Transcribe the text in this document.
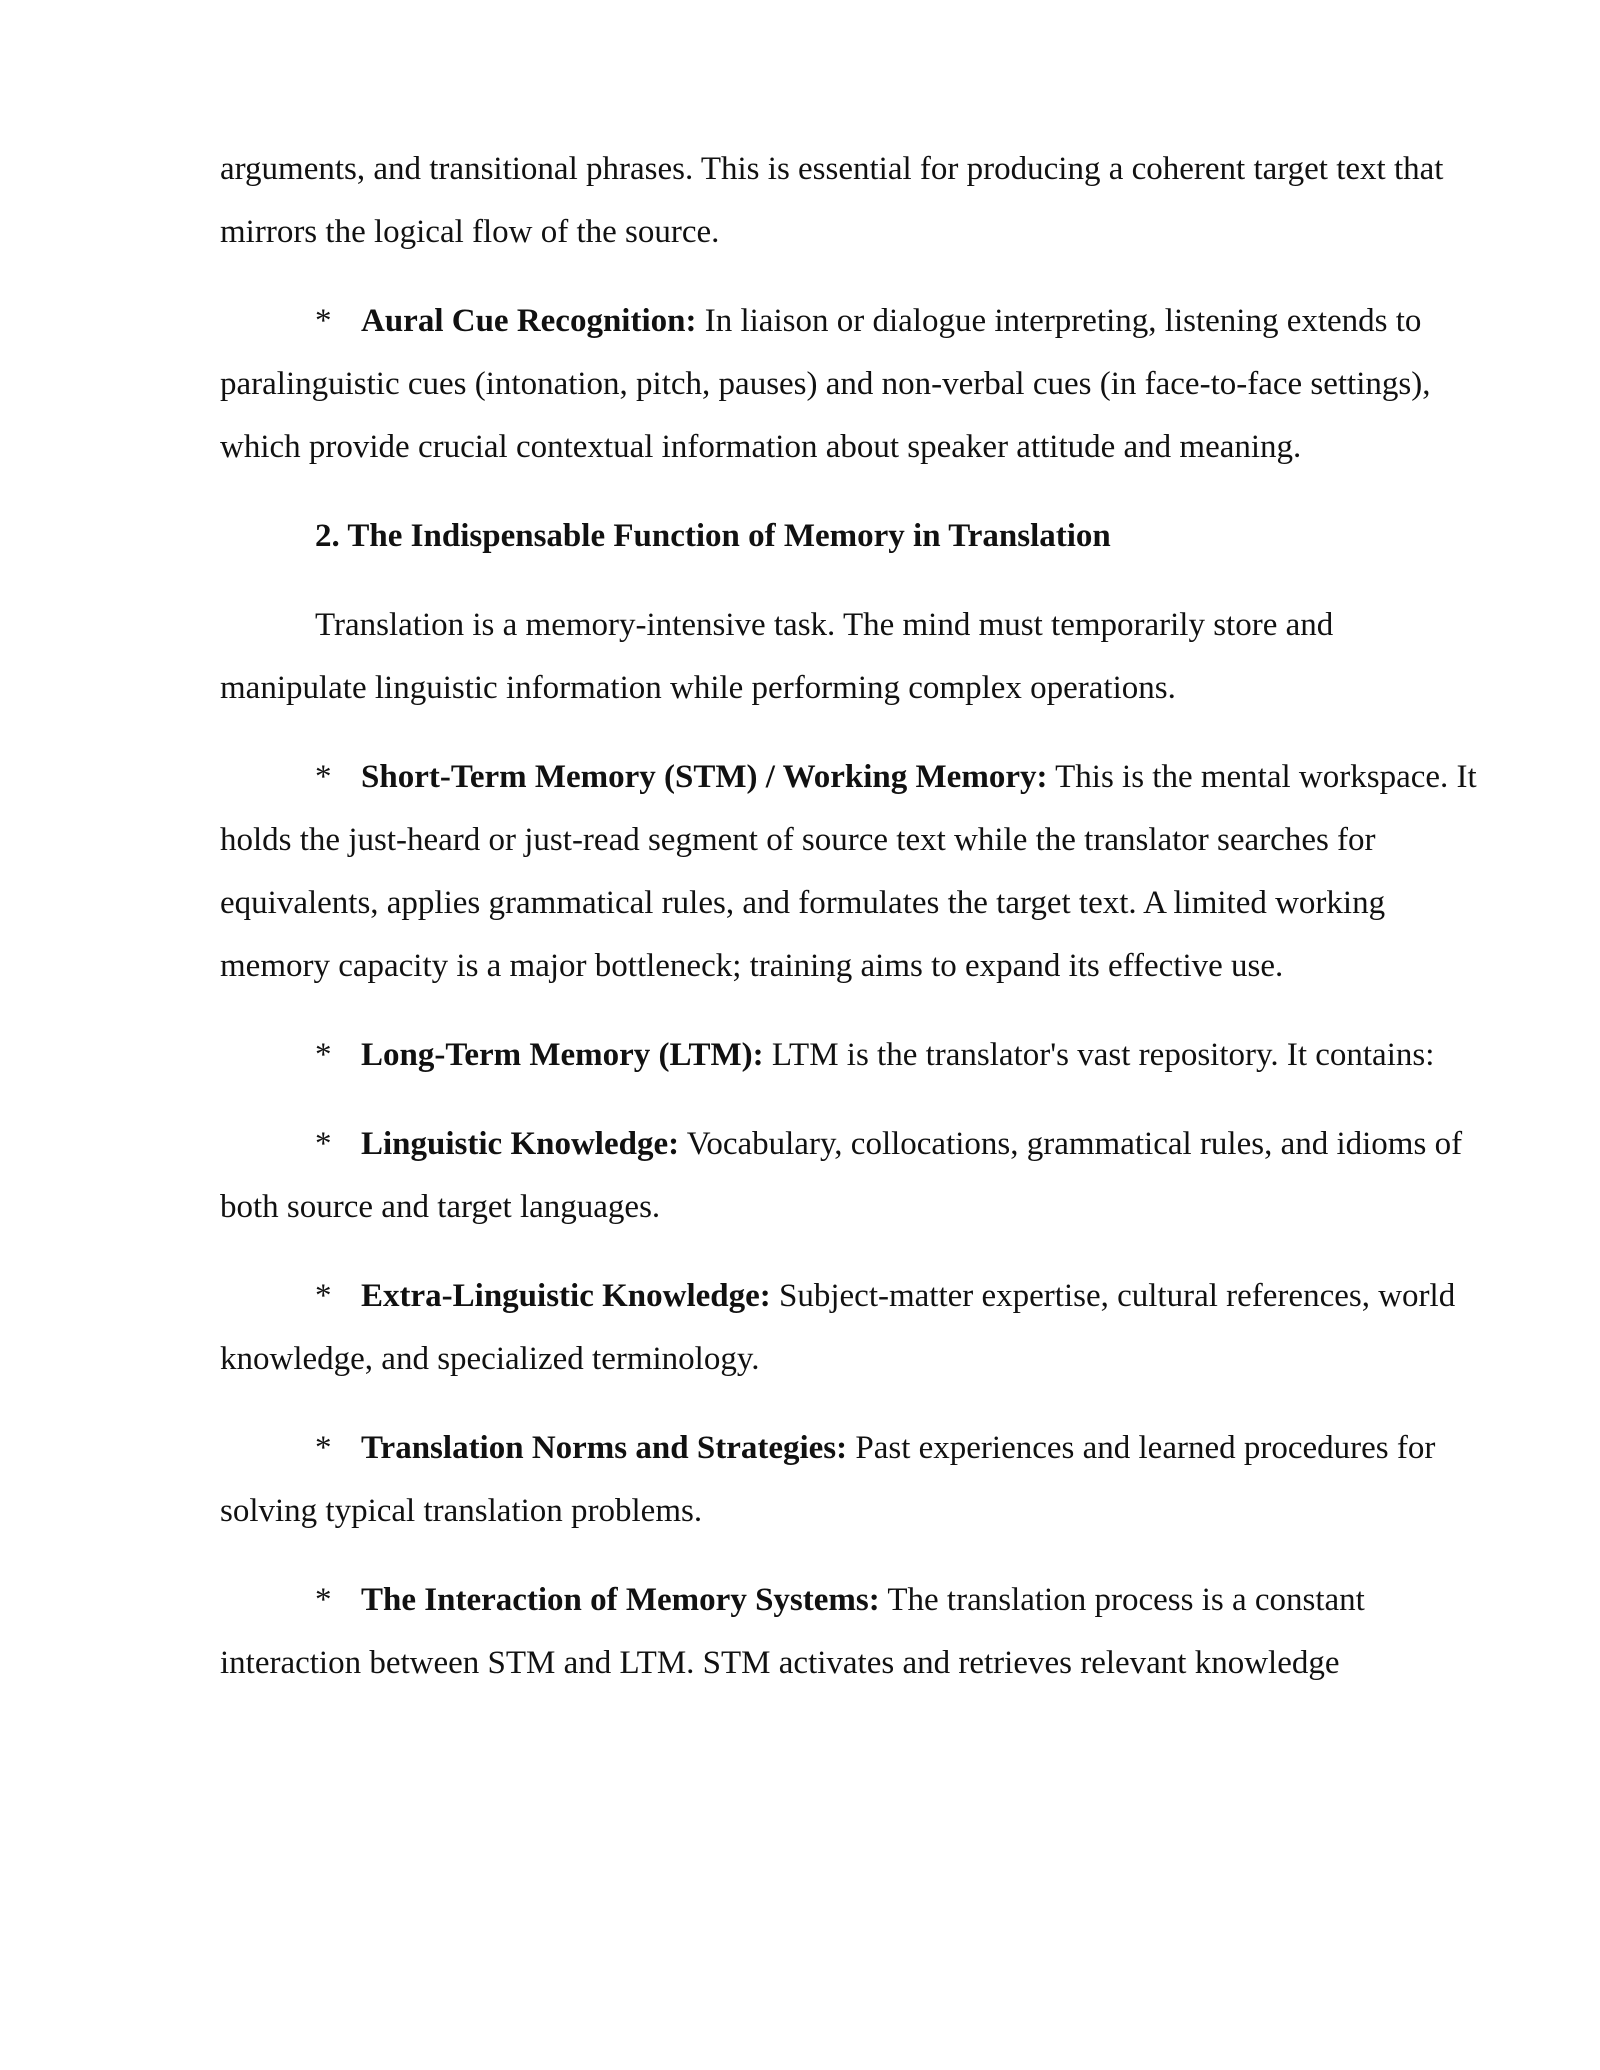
arguments, and transitional phrases. This is essential for producing a coherent target text that mirrors the logical flow of the source.

* Aural Cue Recognition: In liaison or dialogue interpreting, listening extends to paralinguistic cues (intonation, pitch, pauses) and non-verbal cues (in face-to-face settings), which provide crucial contextual information about speaker attitude and meaning.

2. The Indispensable Function of Memory in Translation

Translation is a memory-intensive task. The mind must temporarily store and manipulate linguistic information while performing complex operations.

* Short-Term Memory (STM) / Working Memory: This is the mental workspace. It holds the just-heard or just-read segment of source text while the translator searches for equivalents, applies grammatical rules, and formulates the target text. A limited working memory capacity is a major bottleneck; training aims to expand its effective use.

* Long-Term Memory (LTM): LTM is the translator's vast repository. It contains:

* Linguistic Knowledge: Vocabulary, collocations, grammatical rules, and idioms of both source and target languages.

* Extra-Linguistic Knowledge: Subject-matter expertise, cultural references, world knowledge, and specialized terminology.

* Translation Norms and Strategies: Past experiences and learned procedures for solving typical translation problems.

* The Interaction of Memory Systems: The translation process is a constant interaction between STM and LTM. STM activates and retrieves relevant knowledge
